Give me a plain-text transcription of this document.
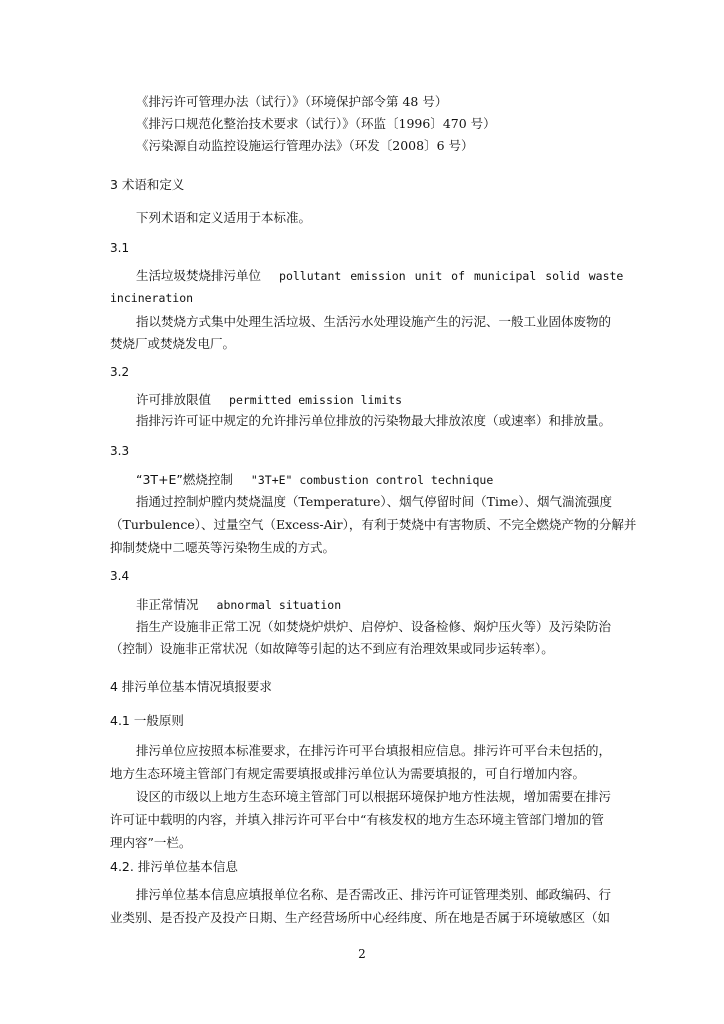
《排污许可管理办法（试行）》（环境保护部令第 48 号）
《排污口规范化整治技术要求（试行）》（环监〔1996〕470 号）
《污染源自动监控设施运行管理办法》（环发〔2008〕6 号）
3 术语和定义
下列术语和定义适用于本标准。
3.1
生活垃圾焚烧排污单位 pollutant emission unit of municipal solid waste
incineration
指以焚烧方式集中处理生活垃圾、生活污水处理设施产生的污泥、一般工业固体废物的
焚烧厂或焚烧发电厂。
3.2
许可排放限值 permitted emission limits
指排污许可证中规定的允许排污单位排放的污染物最大排放浓度（或速率）和排放量。
3.3
“3T+E”燃烧控制 "3T+E" combustion control technique
指通过控制炉膛内焚烧温度（Temperature）、烟气停留时间（Time）、烟气湍流强度
（Turbulence）、过量空气（Excess-Air），有利于焚烧中有害物质、不完全燃烧产物的分解并
抑制焚烧中二噁英等污染物生成的方式。
3.4
非正常情况 abnormal situation
指生产设施非正常工况（如焚烧炉烘炉、启停炉、设备检修、焖炉压火等）及污染防治
（控制）设施非正常状况（如故障等引起的达不到应有治理效果或同步运转率）。
4 排污单位基本情况填报要求
4.1 一般原则
排污单位应按照本标准要求，在排污许可平台填报相应信息。排污许可平台未包括的，
地方生态环境主管部门有规定需要填报或排污单位认为需要填报的，可自行增加内容。
设区的市级以上地方生态环境主管部门可以根据环境保护地方性法规，增加需要在排污
许可证中载明的内容，并填入排污许可平台中“有核发权的地方生态环境主管部门增加的管
理内容”一栏。
4.2. 排污单位基本信息
排污单位基本信息应填报单位名称、是否需改正、排污许可证管理类别、邮政编码、行
业类别、是否投产及投产日期、生产经营场所中心经纬度、所在地是否属于环境敏感区（如
2
